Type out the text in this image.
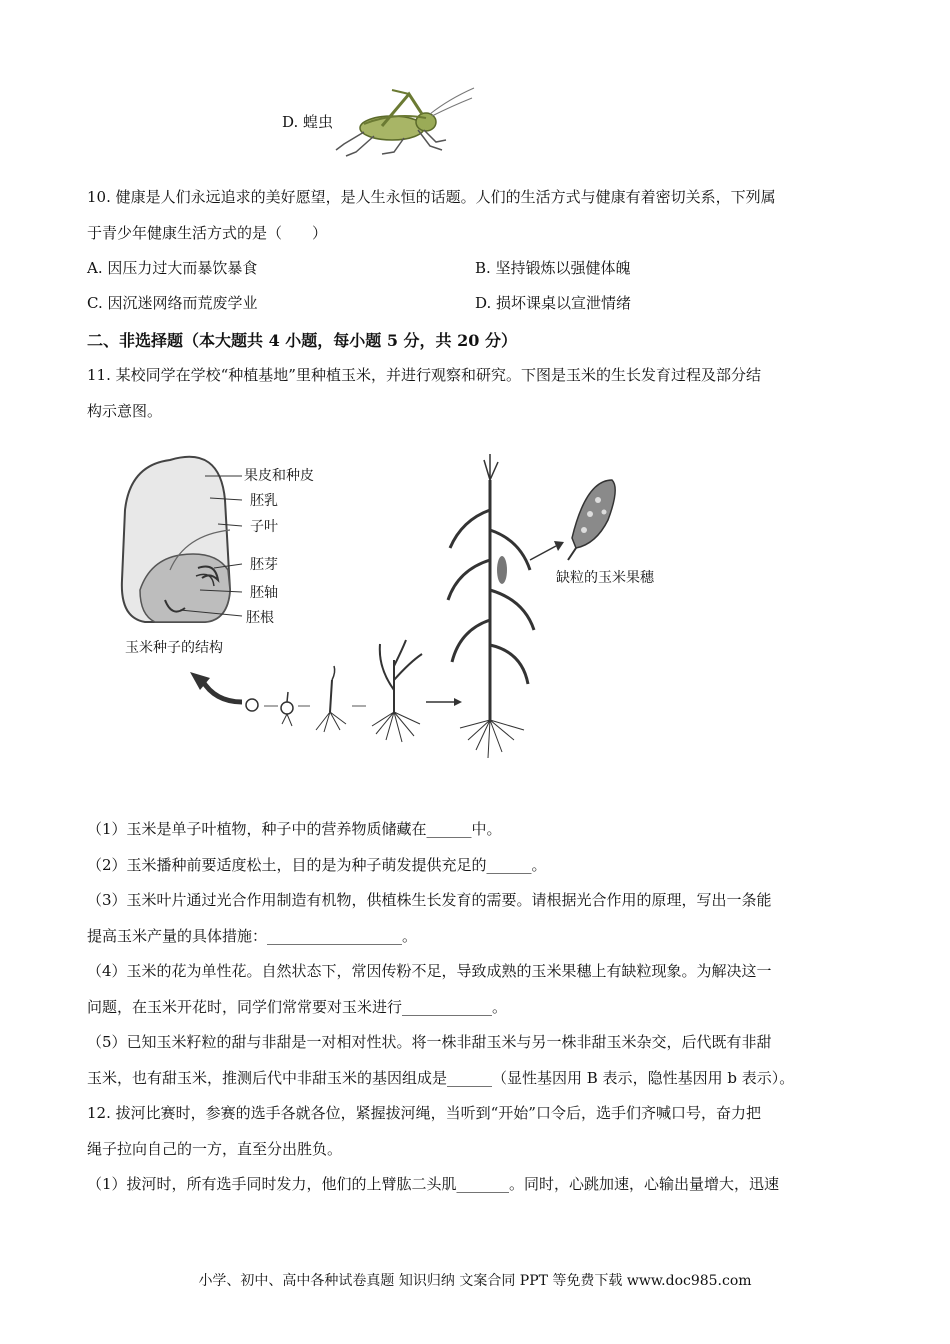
D. 蝗虫
10. 健康是人们永远追求的美好愿望，是人生永恒的话题。人们的生活方式与健康有着密切关系，下列属
于青少年健康生活方式的是（　　）
A. 因压力过大而暴饮暴食	B. 坚持锻炼以强健体魄
C. 因沉迷网络而荒废学业	D. 损坏课桌以宣泄情绪
二、非选择题（本大题共 4 小题，每小题 5 分，共 20 分）
11. 某校同学在学校“种植基地”里种植玉米，并进行观察和研究。下图是玉米的生长发育过程及部分结
构示意图。
果皮和种皮
胚乳
子叶
胚芽
胚轴
胚根
玉米种子的结构
缺粒的玉米果穗
（1）玉米是单子叶植物，种子中的营养物质储藏在______中。
（2）玉米播种前要适度松土，目的是为种子萌发提供充足的______。
（3）玉米叶片通过光合作用制造有机物，供植株生长发育的需要。请根据光合作用的原理，写出一条能
提高玉米产量的具体措施：__________________。
（4）玉米的花为单性花。自然状态下，常因传粉不足，导致成熟的玉米果穗上有缺粒现象。为解决这一
问题，在玉米开花时，同学们常常要对玉米进行____________。
（5）已知玉米籽粒的甜与非甜是一对相对性状。将一株非甜玉米与另一株非甜玉米杂交，后代既有非甜
玉米，也有甜玉米，推测后代中非甜玉米的基因组成是______（显性基因用 B 表示，隐性基因用 b 表示）。
12. 拔河比赛时，参赛的选手各就各位，紧握拔河绳，当听到“开始”口令后，选手们齐喊口号，奋力把
绳子拉向自己的一方，直至分出胜负。
（1）拔河时，所有选手同时发力，他们的上臂肱二头肌_______。同时，心跳加速，心输出量增大，迅速
小学、初中、高中各种试卷真题 知识归纳 文案合同 PPT 等免费下载 www.doc985.com
